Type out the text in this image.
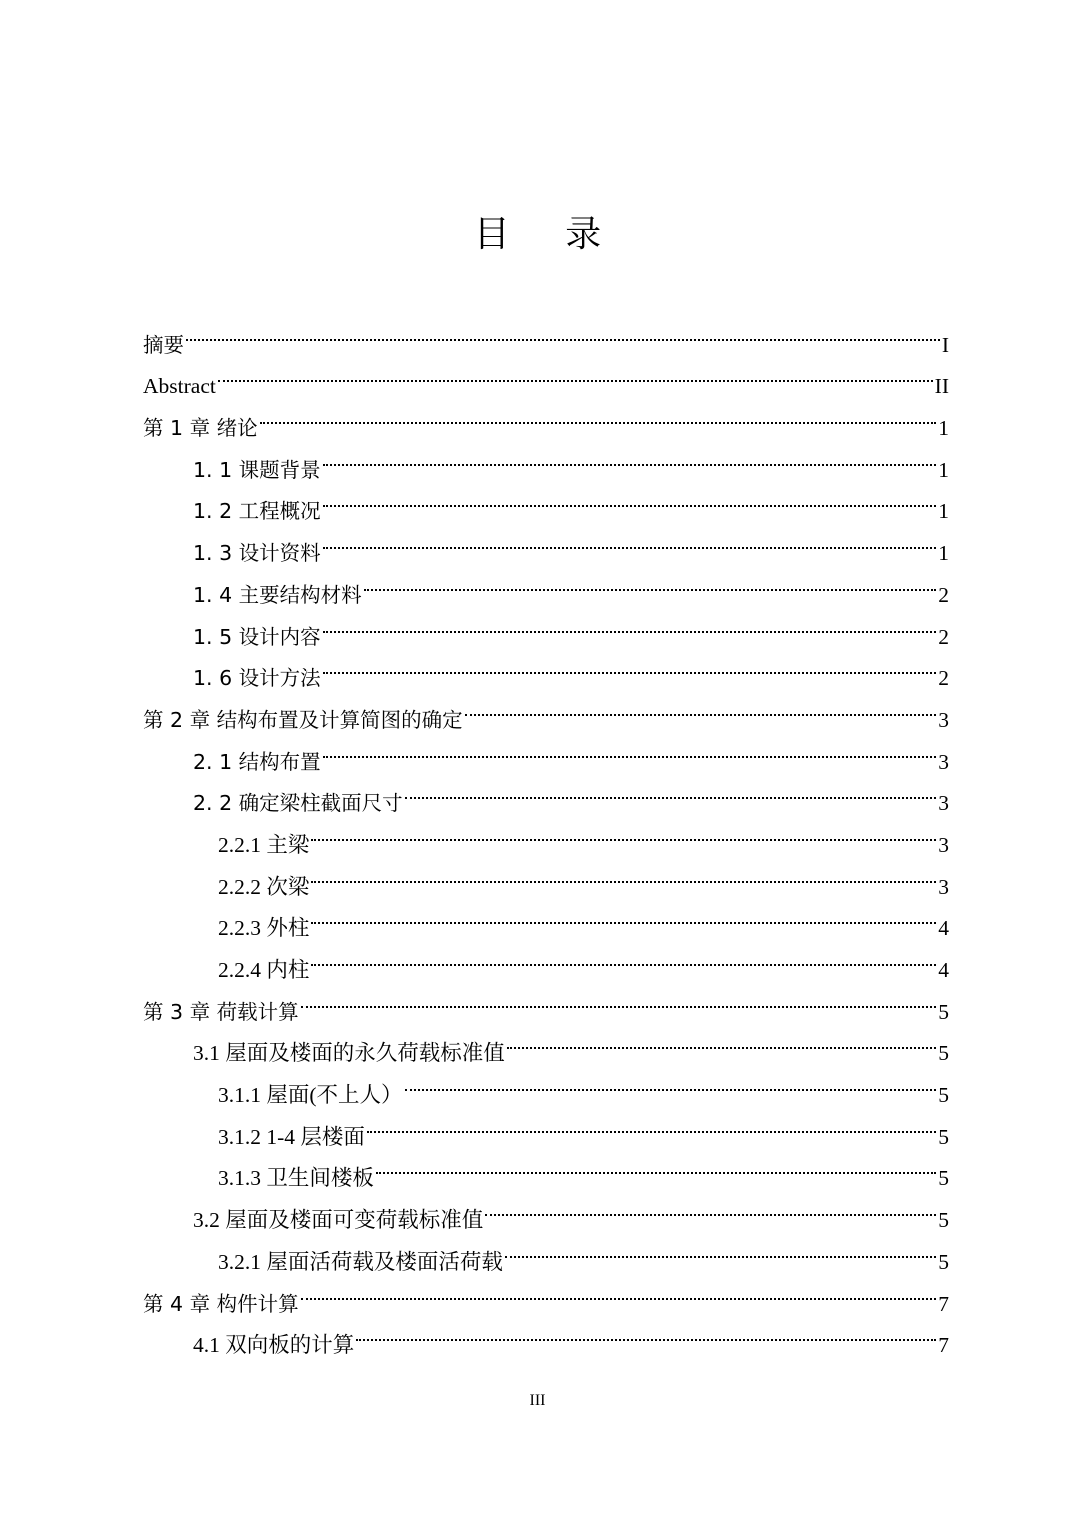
目 录
摘要	I
Abstract	II
第 1 章 绪论	1
1. 1 课题背景	1
1. 2 工程概况	1
1. 3 设计资料	1
1. 4 主要结构材料	2
1. 5 设计内容	2
1. 6 设计方法	2
第 2 章 结构布置及计算简图的确定	3
2. 1 结构布置	3
2. 2 确定梁柱截面尺寸	3
2.2.1 主梁	3
2.2.2 次梁	3
2.2.3 外柱	4
2.2.4 内柱	4
第 3 章 荷载计算	5
3.1 屋面及楼面的永久荷载标准值	5
3.1.1 屋面(不上人）	5
3.1.2 1-4 层楼面	5
3.1.3 卫生间楼板	5
3.2 屋面及楼面可变荷载标准值	5
3.2.1 屋面活荷载及楼面活荷载	5
第 4 章 构件计算	7
4.1 双向板的计算	7
III
